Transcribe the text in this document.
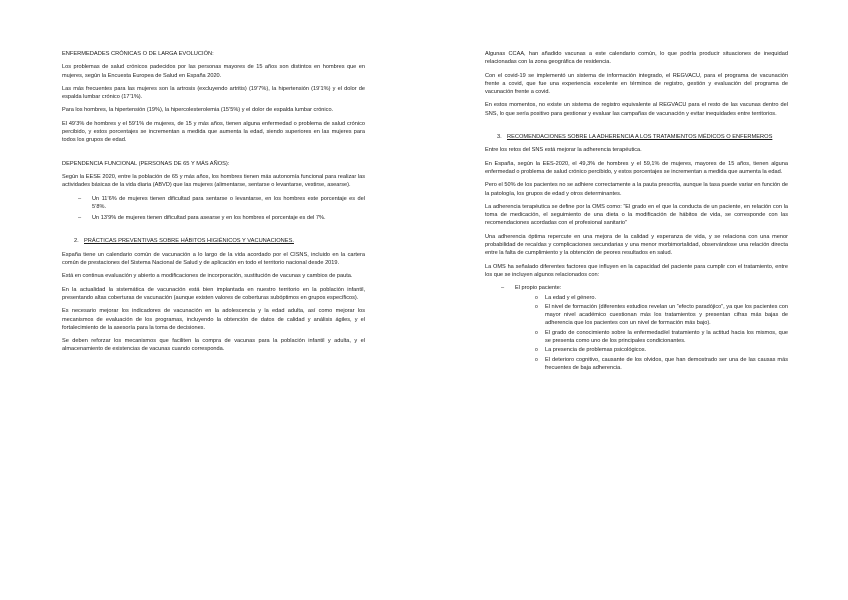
ENFERMEDADES CRÓNICAS O DE LARGA EVOLUCIÓN:

Los problemas de salud crónicos padecidos por las personas mayores de 15 años son distintos en hombres que en mujeres, según la Encuesta Europea de Salud en España 2020.

Las más frecuentes para las mujeres son la artrosis (excluyendo artritis) (19’7%), la hipertensión (19’1%) y el dolor de espalda lumbar crónico (17’1%).

Para los hombres, la hipertensión (19%), la hipercolesterolemia (15’5%) y el dolor de espalda lumbar crónico.

El 49’3% de hombres y el 59’1% de mujeres, de 15 y más años, tienen alguna enfermedad o problema de salud crónico percibido, y estos porcentajes se incrementan a medida que aumenta la edad, siendo superiores en las mujeres para todos los grupos de edad.

DEPENDENCIA FUNCIONAL (PERSONAS DE 65 Y MÁS AÑOS):

Según la EESE 2020, entre la población de 65 y más años, los hombres tienen más autonomía funcional para realizar las actividades básicas de la vida diaria (ABVD) que las mujeres (alimentarse, sentarse o levantarse, vestirse, asearse).

– Un 11’6% de mujeres tienen dificultad para sentarse o levantarse, en los hombres este porcentaje es del 5’8%.
– Un 13’9% de mujeres tienen dificultad para asearse y en los hombres el porcentaje es del 7%.
2. PRÁCTICAS PREVENTIVAS SOBRE HÁBITOS HIGIÉNICOS Y VACUNACIONES.

España tiene un calendario común de vacunación a lo largo de la vida acordado por el CISNS, incluido en la cartera común de prestaciones del Sistema Nacional de Salud y de aplicación en todo el territorio nacional desde 2019.

Está en continua evaluación y abierto a modificaciones de incorporación, sustitución de vacunas y cambios de pauta.

En la actualidad la sistemática de vacunación está bien implantada en nuestro territorio en la población infantil, presentando altas coberturas de vacunación (aunque existen valores de coberturas subóptimos en grupos específicos).

Es necesario mejorar los indicadores de vacunación en la adolescencia y la edad adulta, así como mejorar los mecanismos de evaluación de los programas, incluyendo la obtención de datos de calidad y análisis ágiles, y el fortalecimiento de la asesoría para la toma de decisiones.

Se deben reforzar los mecanismos que faciliten la compra de vacunas para la población infantil y adulta, y el almacenamiento de existencias de vacunas cuando corresponda.

Algunas CCAA, han añadido vacunas a este calendario común, lo que podría producir situaciones de inequidad relacionadas con la zona geográfica de residencia.

Con el covid-19 se implementó un sistema de información integrado, el REGVACU, para el programa de vacunación frente a covid, que fue una experiencia excelente en términos de registro, gestión y evaluación del programa de vacunación frente a covid.

En estos momentos, no existe un sistema de registro equivalente al REGVACU para el resto de las vacunas dentro del SNS, lo que sería positivo para gestionar y evaluar las campañas de vacunación y evitar inequidades entre territorios.

3. RECOMENDACIONES SOBRE LA ADHERENCIA A LOS TRATAMIENTOS MÉDICOS O ENFERMEROS

Entre los retos del SNS está mejorar la adherencia terapéutica.

En España, según la EES-2020, el 49,3% de hombres y el 59,1% de mujeres, mayores de 15 años, tienen alguna enfermedad o problema de salud crónico percibido, y estos porcentajes se incrementan a medida que aumenta la edad.

Pero el 50% de los pacientes no se adhiere correctamente a la pauta prescrita, aunque la tasa puede variar en función de la patología, los grupos de edad y otros determinantes.

La adherencia terapéutica se define por la OMS como: “El grado en el que la conducta de un paciente, en relación con la toma de medicación, el seguimiento de una dieta o la modificación de hábitos de vida, se corresponde con las recomendaciones acordadas con el profesional sanitario”

Una adherencia óptima repercute en una mejora de la calidad y esperanza de vida, y se relaciona con una menor probabilidad de recaídas y complicaciones secundarias y una menor morbimortalidad, observándose una relación directa entre la falta de cumplimiento y la obtención de peores resultados en salud.

La OMS ha señalado diferentes factores que influyen en la capacidad del paciente para cumplir con el tratamiento, entre los que se incluyen algunos relacionados con:

– El propio paciente:
o La edad y el género.
o El nivel de formación (diferentes estudios revelan un “efecto paradójico”, ya que los pacientes con mayor nivel académico cuestionan más los tratamientos y presentan cifras más bajas de adherencia que los pacientes con un nivel de formación más bajo).
o El grado de conocimiento sobre la enfermedad/el tratamiento y la actitud hacia los mismos, que se presenta como uno de los principales condicionantes.
o La presencia de problemas psicológicos.
o El deterioro cognitivo, causante de los olvidos, que han demostrado ser una de las causas más frecuentes de baja adherencia.
